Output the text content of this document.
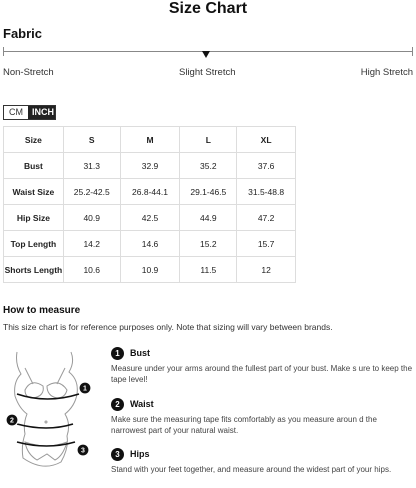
Size Chart
Fabric
Non-Stretch	Slight Stretch	High Stretch
CM	INCH
Size	S	M	L	XL
Bust	31.3	32.9	35.2	37.6
Waist Size	25.2-42.5	26.8-44.1	29.1-46.5	31.5-48.8
Hip Size	40.9	42.5	44.9	47.2
Top Length	14.2	14.6	15.2	15.7
Shorts Length	10.6	10.9	11.5	12
How to measure
This size chart is for reference purposes only. Note that sizing will vary between brands.
1
2
3
1	Bust
Measure under your arms around the fullest part of your bust. Make s ure to keep the tape level!
2	Waist
Make sure the measuring tape fits comfortably as you measure aroun d the narrowest part of your natural waist.
3	Hips
Stand with your feet together, and measure around the widest part of your hips.
